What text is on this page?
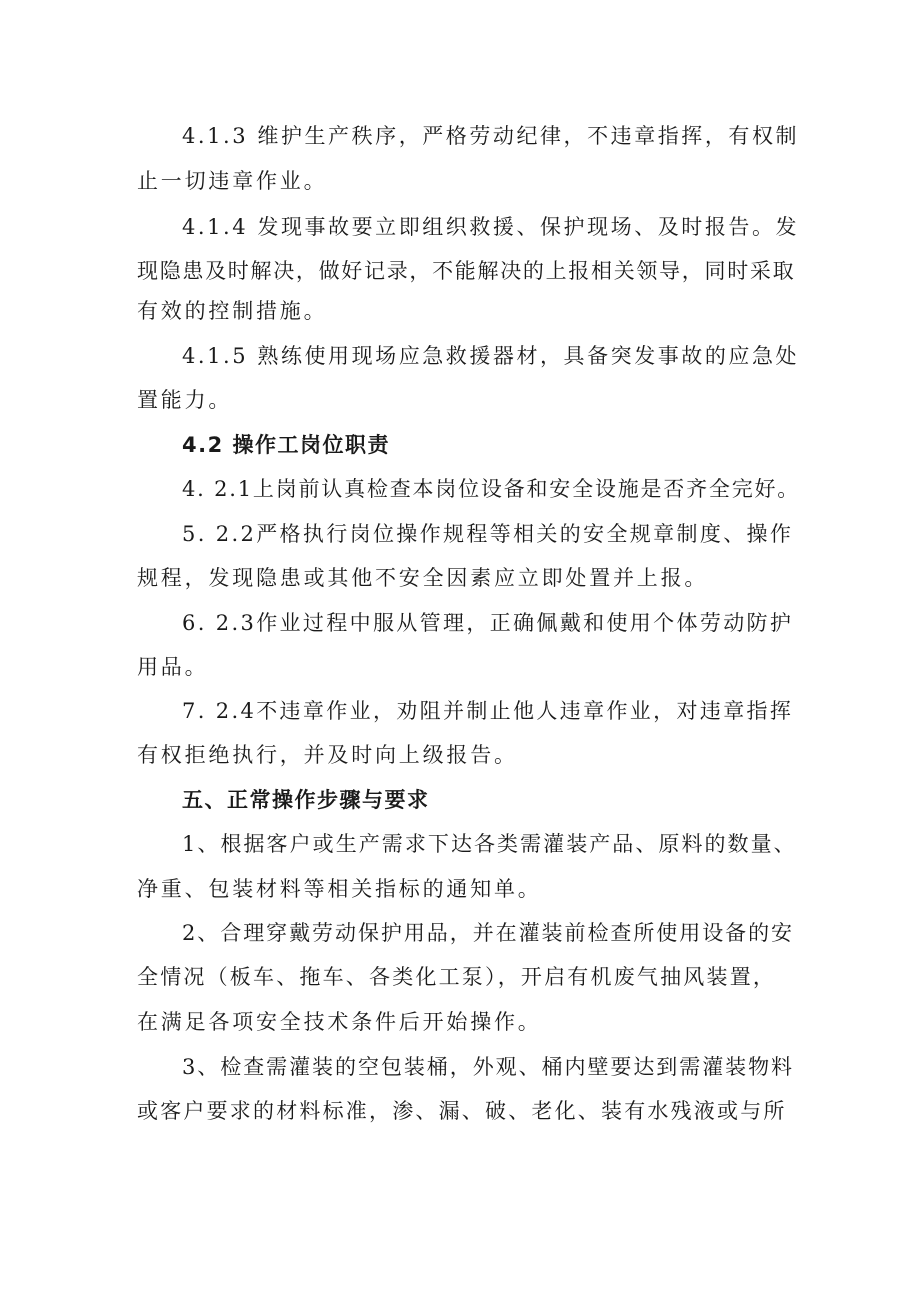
4.1.3 维护生产秩序，严格劳动纪律，不违章指挥，有权制

止一切违章作业。

4.1.4 发现事故要立即组织救援、保护现场、及时报告。发

现隐患及时解决，做好记录，不能解决的上报相关领导，同时采取

有效的控制措施。

4.1.5 熟练使用现场应急救援器材，具备突发事故的应急处

置能力。

4.2 操作工岗位职责

4. 2.1上岗前认真检查本岗位设备和安全设施是否齐全完好。

5. 2.2严格执行岗位操作规程等相关的安全规章制度、操作

规程，发现隐患或其他不安全因素应立即处置并上报。

6. 2.3作业过程中服从管理，正确佩戴和使用个体劳动防护

用品。

7. 2.4不违章作业，劝阻并制止他人违章作业，对违章指挥

有权拒绝执行，并及时向上级报告。

五、正常操作步骤与要求

1、根据客户或生产需求下达各类需灌装产品、原料的数量、

净重、包装材料等相关指标的通知单。

2、合理穿戴劳动保护用品，并在灌装前检查所使用设备的安

全情况（板车、拖车、各类化工泵），开启有机废气抽风装置，

在满足各项安全技术条件后开始操作。

3、检查需灌装的空包装桶，外观、桶内壁要达到需灌装物料

或客户要求的材料标准，渗、漏、破、老化、装有水残液或与所
